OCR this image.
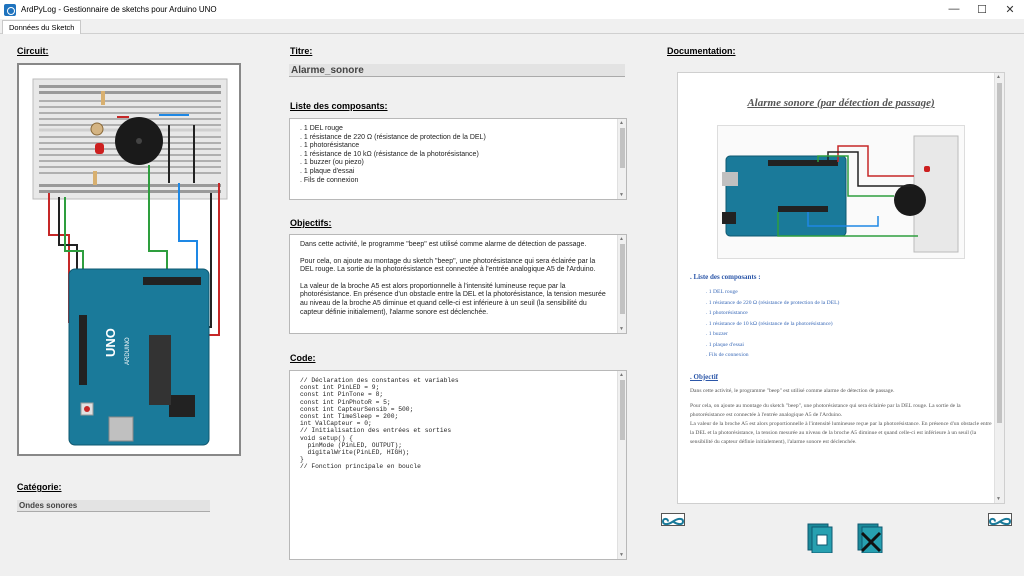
ArdPyLog - Gestionnaire de sketchs pour Arduino UNO	—	☐	✕
Données du Sketch
Circuit:
UNO ARDUINO
Catégorie:
Ondes sonores
Titre:
Alarme_sonore
Liste des composants:
. 1 DEL rouge
. 1 résistance de 220 Ω (résistance de protection de la DEL)
. 1 photorésistance
. 1 résistance de 10 kΩ (résistance de la photorésistance)
. 1 buzzer (ou piezo)
. 1 plaque d'essai
. Fils de connexion
▲
▼
Objectifs:
Dans cette activité, le programme "beep" est utilisé comme alarme de détection de passage.
Pour cela, on ajoute au montage du sketch "beep", une photorésistance qui sera éclairée par la DEL rouge. La sortie de la photorésistance est connectée à l'entrée analogique A5 de l'Arduino.
La valeur de la broche A5 est alors proportionnelle à l'intensité lumineuse reçue par la photorésistance. En présence d'un obstacle entre la DEL et la photorésistance, la tension mesurée au niveau de la broche A5 diminue et quand celle-ci est inférieure à un seuil (la sensibilité du capteur définie initialement), l'alarme sonore est déclenchée.
▲
▼
Code:
// Déclaration des constantes et variables
const int PinLED = 9;
const int PinTone = 8;
const int PinPhotoR = 5;
const int CapteurSensib = 500;
const int TimeSleep = 200;
int ValCapteur = 0;
// Initialisation des entrées et sorties
void setup() {
pinMode (PinLED, OUTPUT);
digitalWrite(PinLED, HIGH);
}
// Fonction principale en boucle
▲
▼
Documentation:
Alarme sonore (par détection de passage)
. Liste des composants :
. 1 DEL rouge
. 1 résistance de 220 Ω (résistance de protection de la DEL)
. 1 photorésistance
. 1 résistance de 10 kΩ (résistance de la photorésistance)
. 1 buzzer
. 1 plaque d'essai
. Fils de connexion
. Objectif
Dans cette activité, le programme "beep" est utilisé comme alarme de détection de passage.
Pour cela, on ajoute au montage du sketch "beep", une photorésistance qui sera éclairée par la DEL rouge. La sortie de la photorésistance est connectée à l'entrée analogique A5 de l'Arduino.
La valeur de la broche A5 est alors proportionnelle à l'intensité lumineuse reçue par la photorésistance. En présence d'un obstacle entre la DEL et la photorésistance, la tension mesurée au niveau de la broche A5 diminue et quand celle-ci est inférieure à un seuil (la sensibilité du capteur définie initialement), l'alarme sonore est déclenchée.
▲
▼
